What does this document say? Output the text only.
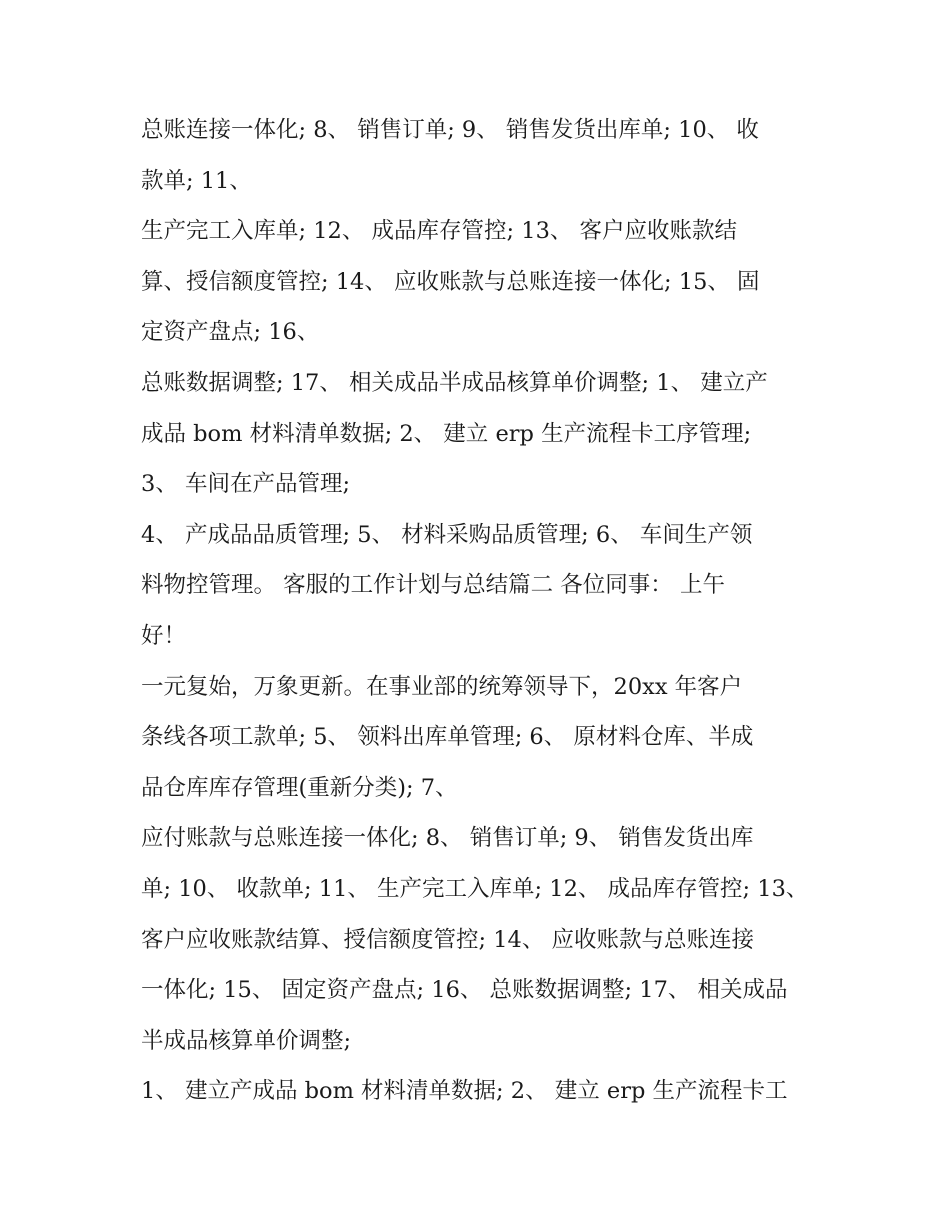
总账连接一体化; 8、 销售订单; 9、 销售发货出库单; 10、 收
款单; 11、
生产完工入库单; 12、 成品库存管控; 13、 客户应收账款结
算、授信额度管控; 14、 应收账款与总账连接一体化; 15、 固
定资产盘点; 16、
总账数据调整; 17、 相关成品半成品核算单价调整; 1、 建立产
成品 bom 材料清单数据; 2、 建立 erp 生产流程卡工序管理;
3、 车间在产品管理;
4、 产成品品质管理; 5、 材料采购品质管理; 6、 车间生产领
料物控管理。 客服的工作计划与总结篇二 各位同事： 上午
好！
一元复始，万象更新。在事业部的统筹领导下，20xx 年客户
条线各项工款单; 5、 领料出库单管理; 6、 原材料仓库、半成
品仓库库存管理(重新分类); 7、
应付账款与总账连接一体化; 8、 销售订单; 9、 销售发货出库
单; 10、 收款单; 11、 生产完工入库单; 12、 成品库存管控; 13、
客户应收账款结算、授信额度管控; 14、 应收账款与总账连接
一体化; 15、 固定资产盘点; 16、 总账数据调整; 17、 相关成品
半成品核算单价调整;
1、 建立产成品 bom 材料清单数据; 2、 建立 erp 生产流程卡工
